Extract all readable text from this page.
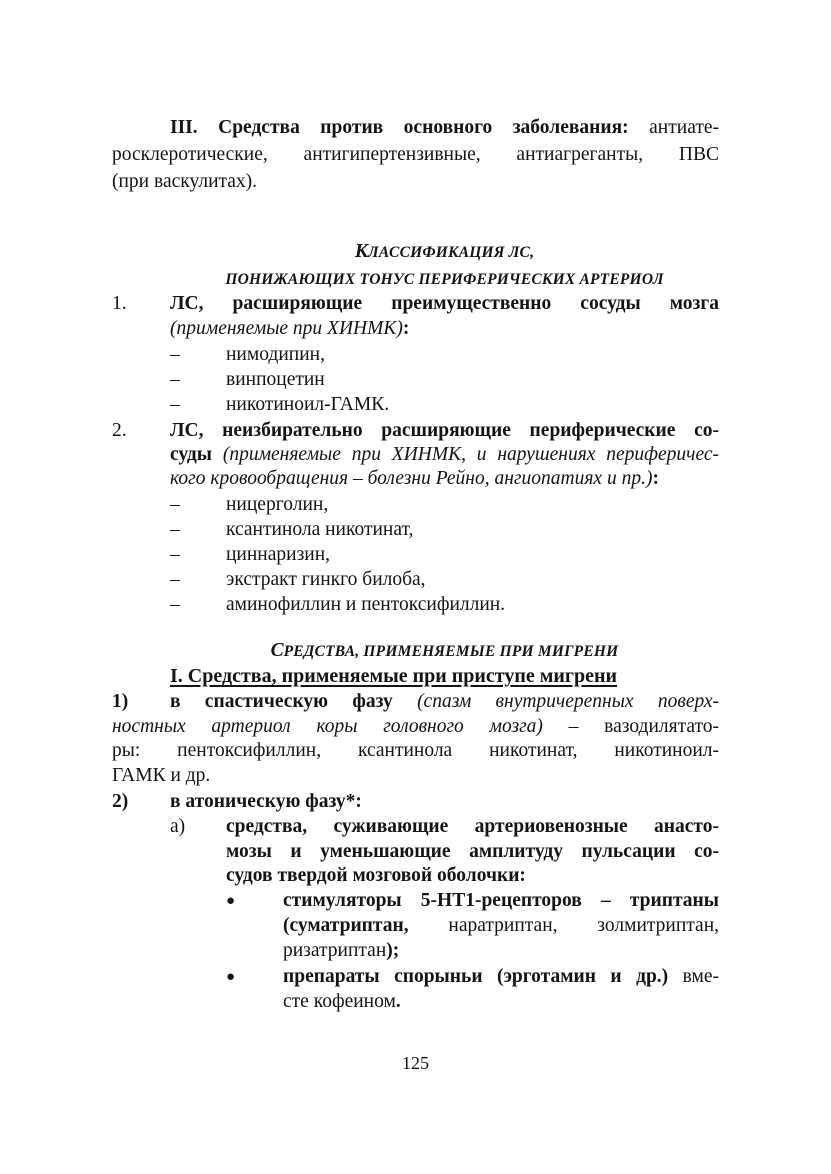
III. Средства против основного заболевания: антиате-
росклеротические, антигипертензивные, антиагреганты, ПВС
(при васкулитах).
КЛАССИФИКАЦИЯ ЛС,
ПОНИЖАЮЩИХ ТОНУС ПЕРИФЕРИЧЕСКИХ АРТЕРИОЛ
1. ЛС, расширяющие преимущественно сосуды мозга
(применяемые при ХИНМК):
– нимодипин,
– винпоцетин
– никотиноил-ГАМК.
2. ЛС, неизбирательно расширяющие периферические со-
суды (применяемые при ХИНМК, и нарушениях периферичес-
кого кровообращения – болезни Рейно, ангиопатиях и пр.):
– ницерголин,
– ксантинола никотинат,
– циннаризин,
– экстракт гинкго билоба,
– аминофиллин и пентоксифиллин.
СРЕДСТВА, ПРИМЕНЯЕМЫЕ ПРИ МИГРЕНИ
I. Средства, применяемые при приступе мигрени
1) в спастическую фазу (спазм внутричерепных поверх-
ностных артериол коры головного мозга) – вазодилятато-
ры: пентоксифиллин, ксантинола никотинат, никотиноил-
ГАМК и др.
2) в атоническую фазу*:
а) средства, суживающие артериовенозные анасто-
мозы и уменьшающие амплитуду пульсации со-
судов твердой мозговой оболочки:
● стимуляторы 5-НТ1-рецепторов – триптаны
(суматриптан, наратриптан, золмитриптан,
ризатриптан);
● препараты спорыньи (эрготамин и др.) вме-
сте кофеином.
125
